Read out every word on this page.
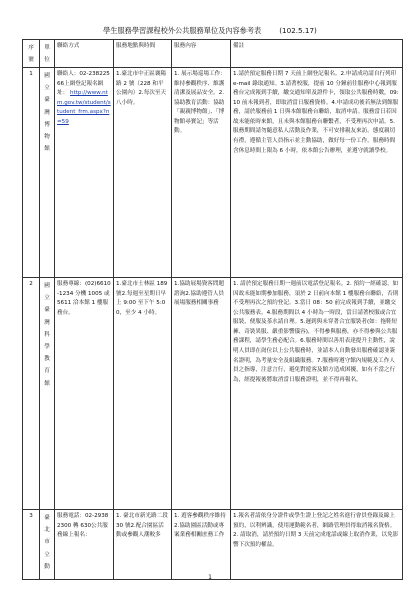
學生服務學習課程校外公共服務單位及內容參考表	(102.5.17)
序號	單位	聯絡方式	服務地點與時間	服務內容	備註
1	國立臺灣博物館	聯絡人：02-23822566上網登記報名網址： http://www.ntm.gov.tw/student/student_frm.aspx?n=59	1.臺北市中正區襄陽路 2 號（228 和平公園內）2.每次至天八小時。	1. 展示場巡場工作：維持參觀秩序、維護清潔及展品安全。2. 協助教育活動：協助「親親博物館」、「博物館尋寶記」等活動。	1.請於預定服務日期 7 天前上網登記報名。2.申請成功請自行列印 e-mail 錄取通知。3.請著校服，提前 10 分鐘前往服務中心報到服務台完成報到手續，繳交通知單及證件卡，領取公共服務時數，09:10 前未報到者，即取消當日服務資格。4.申請成功後若無法到館服務，請於服務前 1 日與本館服務台聯絡，取消申請。服務當日若因故未能依時來館，且未與本館服務台聯繫者，不受理再次申請。5.服務期間請勿隨意私人活動及作業，不可安排親友來訪。態度親切有禮，遵循主管人員指示並主動協助，做好每一份工作。服務時間含休息時間上限為 6 小時，依本館公告辦理，並遵守就讀學校。
2	國立臺灣科學教育館	服務專線：(02)6610-1234 分機 1005 或 5611 洽本館 1 樓服務台。	1.臺北市士林區 189 號2.每週至星期日早上 9:00 至下午 5:00，至少 4 小時。	1.協助展場資客問題諮詢2.協助遵管人員展場服務相關事務	1. 請於預定服務日期一週前以電話登記報名。2. 預約一經確認，如因故未能如期參加服務，須於 2 日前向本館 1 樓服務台聯絡，否則不受理再次之預約登記。3.當日 08：50 前完成報到手續，並繳交公共服務表。4.服務期間以 4 小時為一時段，當日請著校服或合宜服裝，便服及茶水請自理。5.遲到與未穿著合宜服裝者(如：拖鞋短褲、奇裝異服、嚴重影響儀容)，不得參與服務，亦不得參與公共服務課程，請學生務必配合。6.服務時間以善用表達提升主動性，說明人員即在崗位以上公共服務時，並請本人自動發出服務確認並簽名證明，為考量安全及組織服務。7.服務時遵守館內規範及工作人員之指導，注意言行，避免對遊客及館方造成困擾，如有不當之行為，經提報後將取消當日服務證明，並不得再報名。
3	臺北市立動	服務電話：02-29382300 轉 630公共服務線上報名：	1. 臺北市新光路二段 30 號2.配合園區活動或參觀人潮較多	1. 遊客參觀秩序維持2.協助園區活動或專案業務相關庶務工作	1.報名者請依身分證件或學生證上登記之姓名進行會員登錄及線上預約，以利辨識，使用運動範名者，網路管理員得取消報名資格。2. 請取消，請於預約日期 3 天前完成電話或線上取消作業，以免影響下次預約權益。
1
